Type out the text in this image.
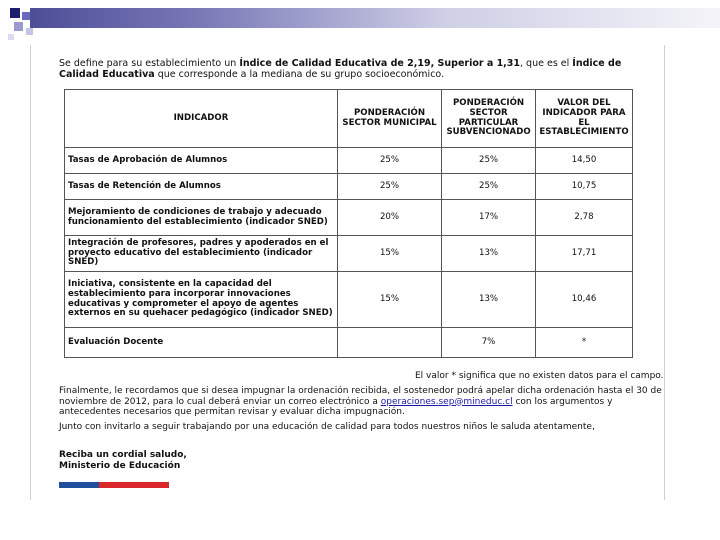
Se define para su establecimiento un Índice de Calidad Educativa de 2,19, Superior a 1,31, que es el Índice de Calidad Educativa que corresponde a la mediana de su grupo socioeconómico.
INDICADOR	PONDERACIÓN SECTOR MUNICIPAL	PONDERACIÓN SECTOR PARTICULAR SUBVENCIONADO	VALOR DEL INDICADOR PARA EL ESTABLECIMIENTO
Tasas de Aprobación de Alumnos	25%	25%	14,50
Tasas de Retención de Alumnos	25%	25%	10,75
Mejoramiento de condiciones de trabajo y adecuado funcionamiento del establecimiento (indicador SNED)	20%	17%	2,78
Integración de profesores, padres y apoderados en el proyecto educativo del establecimiento (indicador SNED)	15%	13%	17,71
Iniciativa, consistente en la capacidad del establecimiento para incorporar innovaciones educativas y comprometer el apoyo de agentes externos en su quehacer pedagógico (indicador SNED)	15%	13%	10,46
Evaluación Docente		7%	*
El valor * significa que no existen datos para el campo.

Finalmente, le recordamos que si desea impugnar la ordenación recibida, el sostenedor podrá apelar dicha ordenación hasta el 30 de noviembre de 2012, para lo cual deberá enviar un correo electrónico a operaciones.sep@mineduc.cl con los argumentos y antecedentes necesarios que permitan revisar y evaluar dicha impugnación.

Junto con invitarlo a seguir trabajando por una educación de calidad para todos nuestros niños le saluda atentamente,

Reciba un cordial saludo,
Ministerio de Educación
